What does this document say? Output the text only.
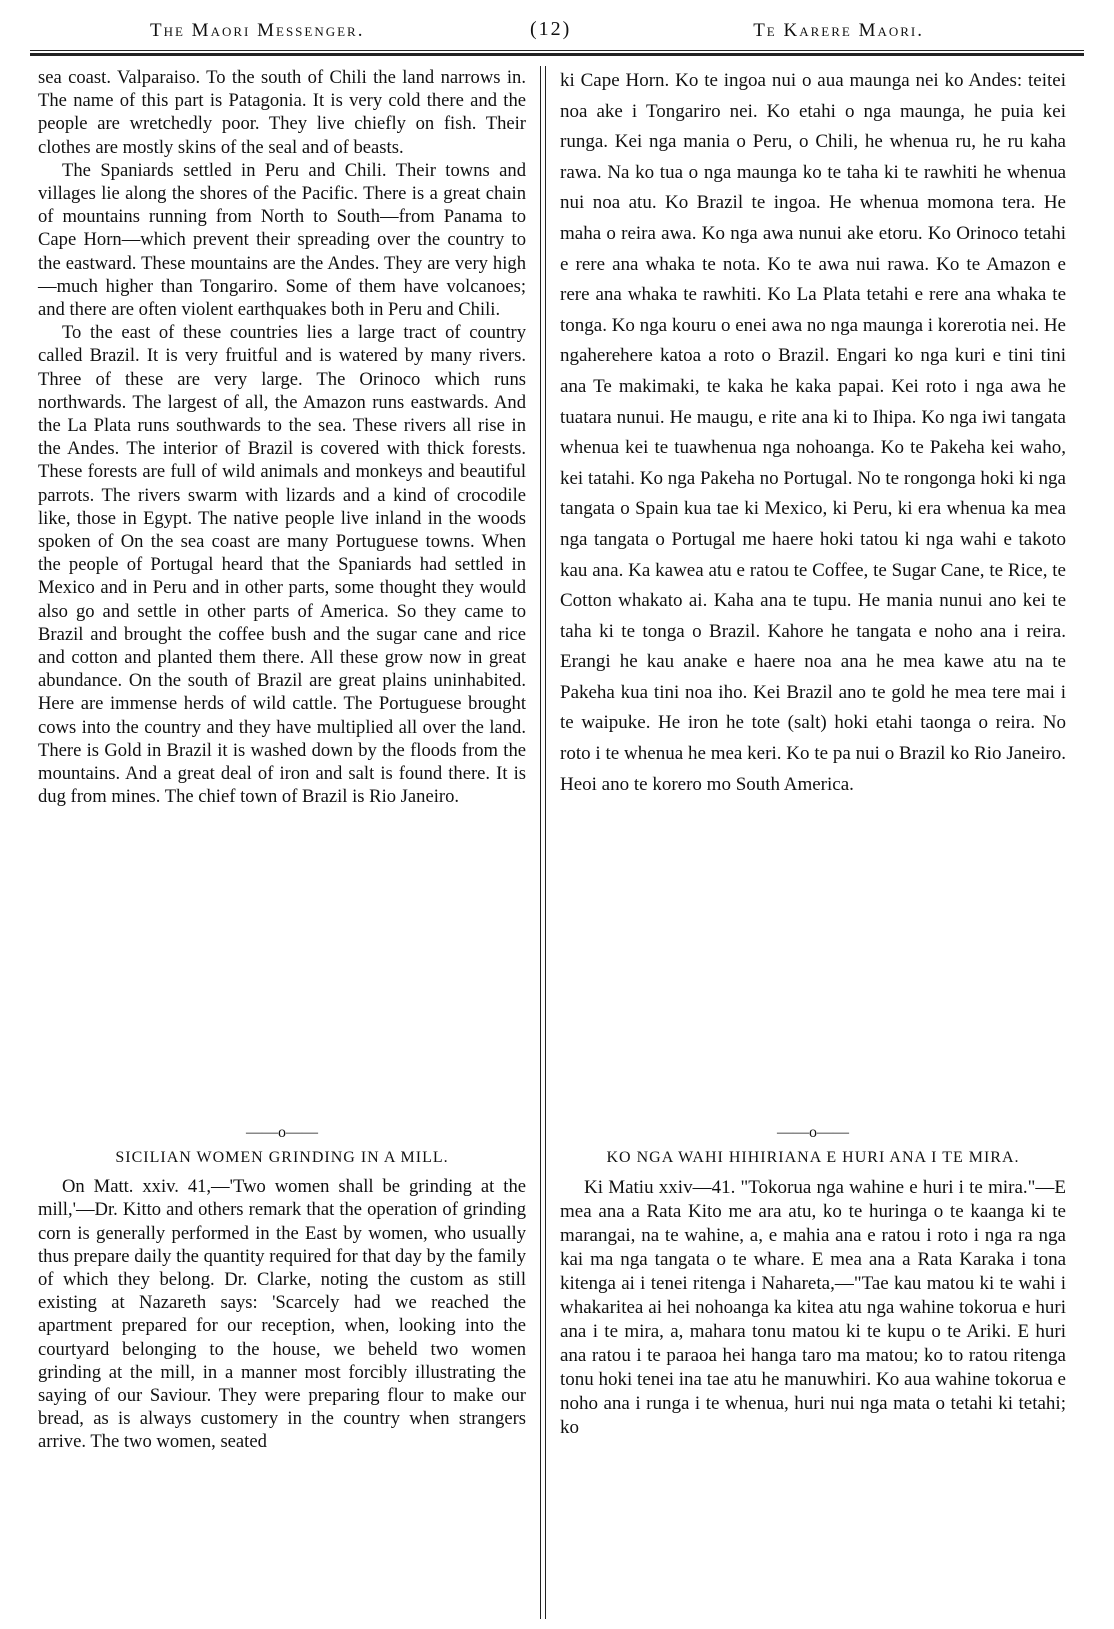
The Maori Messenger.	(12)	Te Karere Maori.

sea coast. Valparaiso. To the south of Chili the land narrows in. The name of this part is Patagonia. It is very cold there and the people are wretchedly poor. They live chiefly on fish. Their clothes are mostly skins of the seal and of beasts.

The Spaniards settled in Peru and Chili. Their towns and villages lie along the shores of the Pacific. There is a great chain of mountains running from North to South—from Panama to Cape Horn—which prevent their spreading over the country to the eastward. These mountains are the Andes. They are very high—much higher than Tongariro. Some of them have volcanoes; and there are often violent earthquakes both in Peru and Chili.

To the east of these countries lies a large tract of country called Brazil. It is very fruitful and is watered by many rivers. Three of these are very large. The Orinoco which runs northwards. The largest of all, the Amazon runs eastwards. And the La Plata runs southwards to the sea. These rivers all rise in the Andes. The interior of Brazil is covered with thick forests. These forests are full of wild animals and monkeys and beautiful parrots. The rivers swarm with lizards and a kind of crocodile like, those in Egypt. The native people live inland in the woods spoken of On the sea coast are many Portuguese towns. When the people of Portugal heard that the Spaniards had settled in Mexico and in Peru and in other parts, some thought they would also go and settle in other parts of America. So they came to Brazil and brought the coffee bush and the sugar cane and rice and cotton and planted them there. All these grow now in great abundance. On the south of Brazil are great plains uninhabited. Here are immense herds of wild cattle. The Portuguese brought cows into the country and they have multiplied all over the land. There is Gold in Brazil it is washed down by the floods from the mountains. And a great deal of iron and salt is found there. It is dug from mines. The chief town of Brazil is Rio Janeiro.

ki Cape Horn. Ko te ingoa nui o aua maunga nei ko Andes: teitei noa ake i Tongariro nei. Ko etahi o nga maunga, he puia kei runga. Kei nga mania o Peru, o Chili, he whenua ru, he ru kaha rawa. Na ko tua o nga maunga ko te taha ki te rawhiti he whenua nui noa atu. Ko Brazil te ingoa. He whenua momona tera. He maha o reira awa. Ko nga awa nunui ake etoru. Ko Orinoco tetahi e rere ana whaka te nota. Ko te awa nui rawa. Ko te Amazon e rere ana whaka te rawhiti. Ko La Plata tetahi e rere ana whaka te tonga. Ko nga kouru o enei awa no nga maunga i korerotia nei. He ngaherehere katoa a roto o Brazil. Engari ko nga kuri e tini tini ana Te makimaki, te kaka he kaka papai. Kei roto i nga awa he tuatara nunui. He maugu, e rite ana ki to Ihipa. Ko nga iwi tangata whenua kei te tuawhenua nga nohoanga. Ko te Pakeha kei waho, kei tatahi. Ko nga Pakeha no Portugal. No te rongonga hoki ki nga tangata o Spain kua tae ki Mexico, ki Peru, ki era whenua ka mea nga tangata o Portugal me haere hoki tatou ki nga wahi e takoto kau ana. Ka kawea atu e ratou te Coffee, te Sugar Cane, te Rice, te Cotton whakato ai. Kaha ana te tupu. He mania nunui ano kei te taha ki te tonga o Brazil. Kahore he tangata e noho ana i reira. Erangi he kau anake e haere noa ana he mea kawe atu na te Pakeha kua tini noa iho. Kei Brazil ano te gold he mea tere mai i te waipuke. He iron he tote (salt) hoki etahi taonga o reira. No roto i te whenua he mea keri. Ko te pa nui o Brazil ko Rio Janeiro. Heoi ano te korero mo South America.

——o——	——o——
SICILIAN WOMEN GRINDING IN A MILL.

On Matt. xxiv. 41,—'Two women shall be grinding at the mill,'—Dr. Kitto and others remark that the operation of grinding corn is generally performed in the East by women, who usually thus prepare daily the quantity required for that day by the family of which they belong. Dr. Clarke, noting the custom as still existing at Nazareth says: 'Scarcely had we reached the apartment prepared for our reception, when, looking into the courtyard belonging to the house, we beheld two women grinding at the mill, in a manner most forcibly illustrating the saying of our Saviour. They were preparing flour to make our bread, as is always customery in the country when strangers arrive. The two women, seated

KO NGA WAHI HIHIRIANA E HURI ANA I TE MIRA.

Ki Matiu xxiv—41. "Tokorua nga wahine e huri i te mira."—E mea ana a Rata Kito me ara atu, ko te huringa o te kaanga ki te marangai, na te wahine, a, e mahia ana e ratou i roto i nga ra nga kai ma nga tangata o te whare. E mea ana a Rata Karaka i tona kitenga ai i tenei ritenga i Nahareta,—"Tae kau matou ki te wahi i whakaritea ai hei nohoanga ka kitea atu nga wahine tokorua e huri ana i te mira, a, mahara tonu matou ki te kupu o te Ariki. E huri ana ratou i te paraoa hei hanga taro ma matou; ko to ratou ritenga tonu hoki tenei ina tae atu he manuwhiri. Ko aua wahine tokorua e noho ana i runga i te whenua, huri nui nga mata o tetahi ki tetahi; ko
